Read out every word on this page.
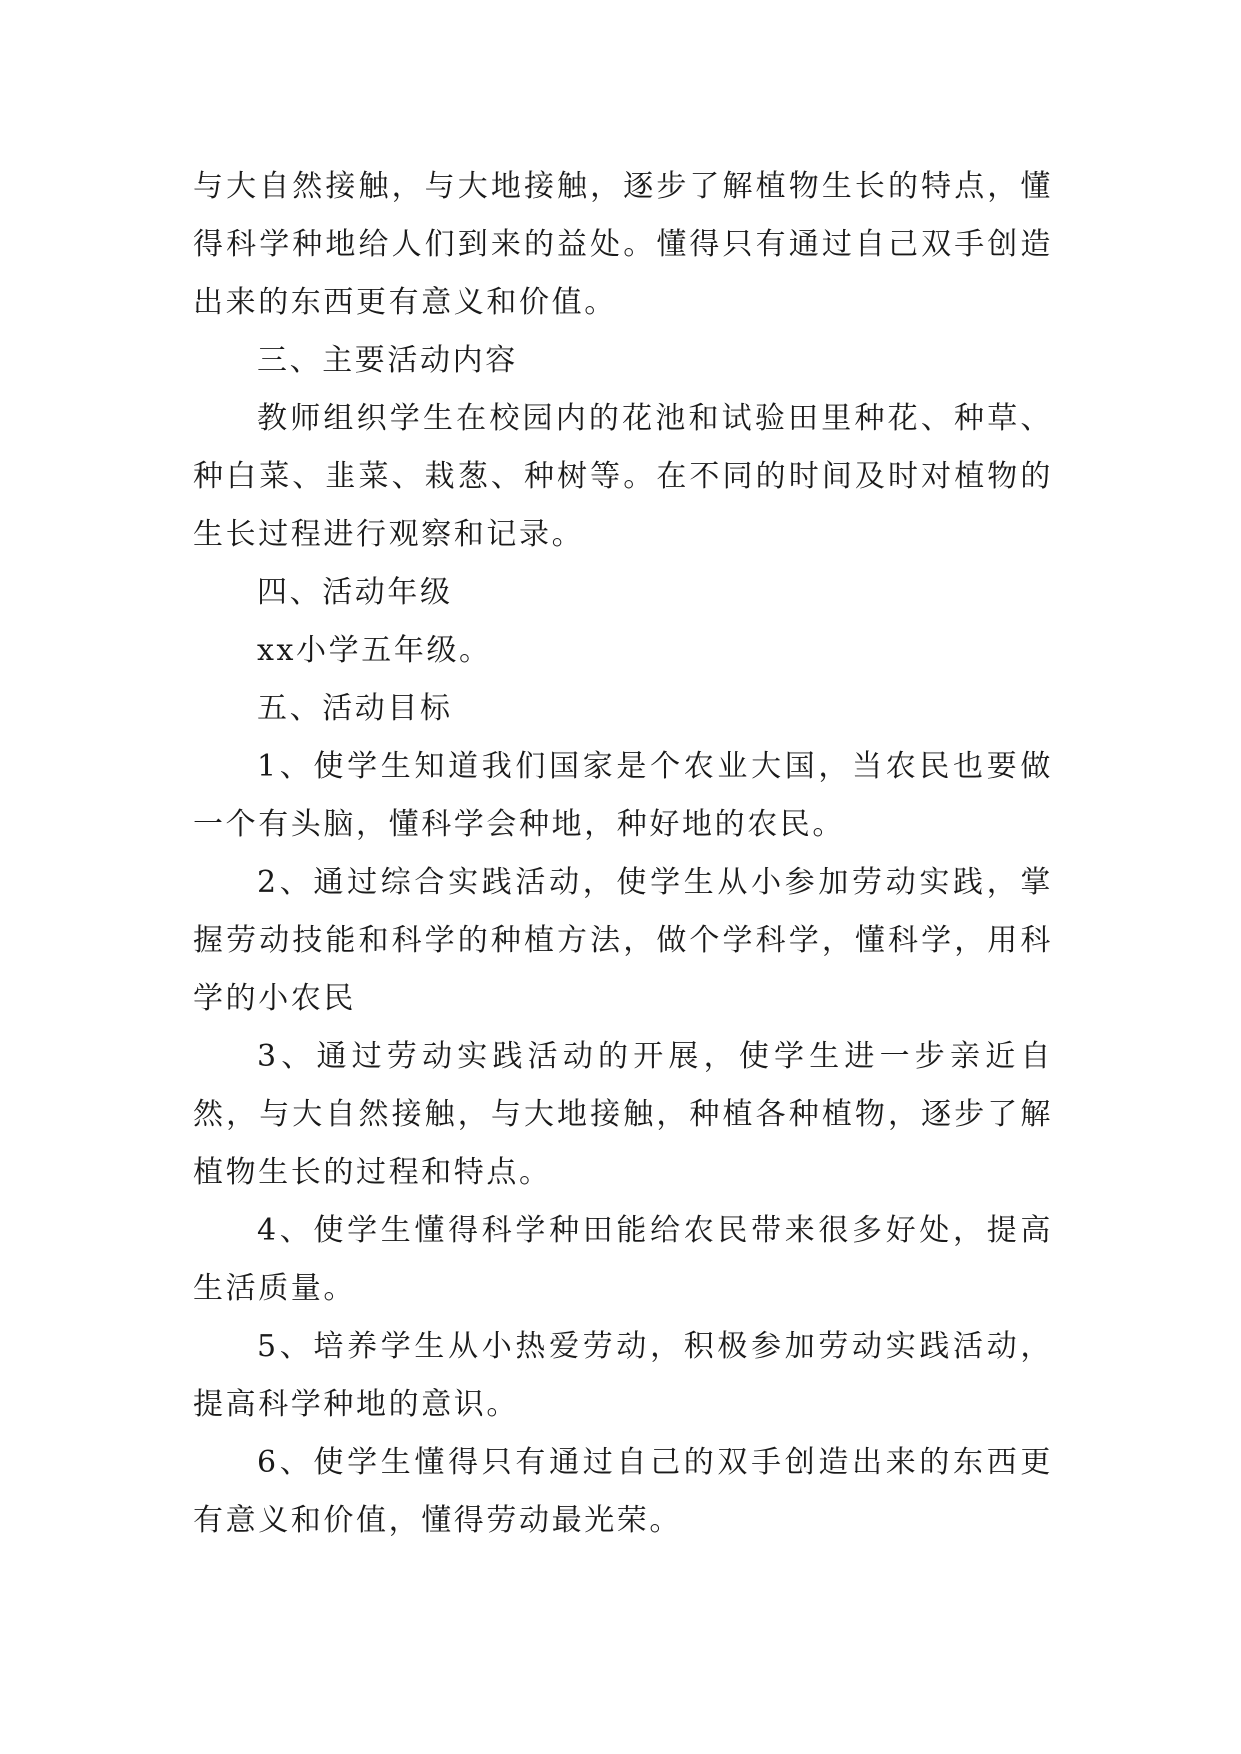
与大自然接触，与大地接触，逐步了解植物生长的特点，懂得科学种地给人们到来的益处。懂得只有通过自己双手创造出来的东西更有意义和价值。

三、主要活动内容

教师组织学生在校园内的花池和试验田里种花、种草、种白菜、韭菜、栽葱、种树等。在不同的时间及时对植物的生长过程进行观察和记录。

四、活动年级

xx小学五年级。

五、活动目标

1、使学生知道我们国家是个农业大国，当农民也要做一个有头脑，懂科学会种地，种好地的农民。

2、通过综合实践活动，使学生从小参加劳动实践，掌握劳动技能和科学的种植方法，做个学科学，懂科学，用科学的小农民

3、通过劳动实践活动的开展，使学生进一步亲近自然，与大自然接触，与大地接触，种植各种植物，逐步了解植物生长的过程和特点。

4、使学生懂得科学种田能给农民带来很多好处，提高生活质量。

5、培养学生从小热爱劳动，积极参加劳动实践活动，提高科学种地的意识。

6、使学生懂得只有通过自己的双手创造出来的东西更有意义和价值，懂得劳动最光荣。
